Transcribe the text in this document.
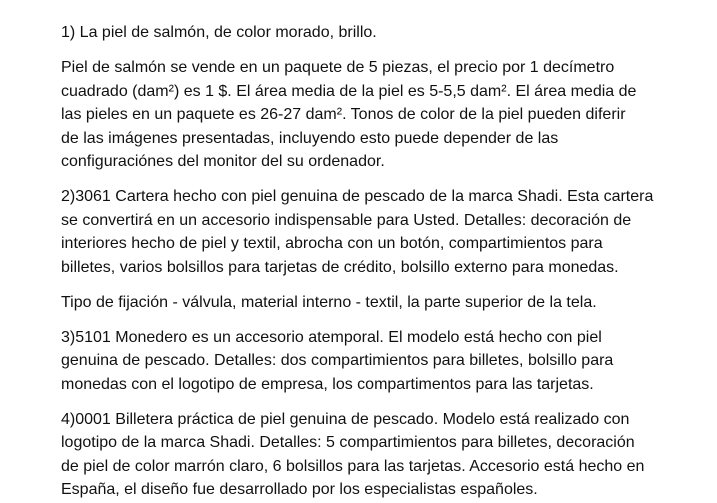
1) La piel de salmón, de color morado, brillo.

Piel de salmón se vende en un paquete de 5 piezas, el precio por 1 decímetro
cuadrado (dam²) es 1 $. El área media de la piel es 5-5,5 dam². El área media de
las pieles en un paquete es 26-27 dam². Tonos de color de la piel pueden diferir
de las imágenes presentadas, incluyendo esto puede depender de las
configuraciónes del monitor del su ordenador.

2)3061 Cartera hecho con piel genuina de pescado de la marca Shadi. Esta cartera
se convertirá en un accesorio indispensable para Usted. Detalles: decoración de
interiores hecho de piel y textil, abrocha con un botón, compartimientos para
billetes, varios bolsillos para tarjetas de crédito, bolsillo externo para monedas.

Tipo de fijación - válvula, material interno - textil, la parte superior de la tela.

3)5101 Monedero es un accesorio atemporal. El modelo está hecho con piel
genuina de pescado. Detalles: dos compartimientos para billetes, bolsillo para
monedas con el logotipo de empresa, los compartimentos para las tarjetas.

4)0001 Billetera práctica de piel genuina de pescado. Modelo está realizado con
logotipo de la marca Shadi. Detalles: 5 compartimientos para billetes, decoración
de piel de color marrón claro, 6 bolsillos para las tarjetas. Accesorio está hecho en
España, el diseño fue desarrollado por los especialistas españoles.
